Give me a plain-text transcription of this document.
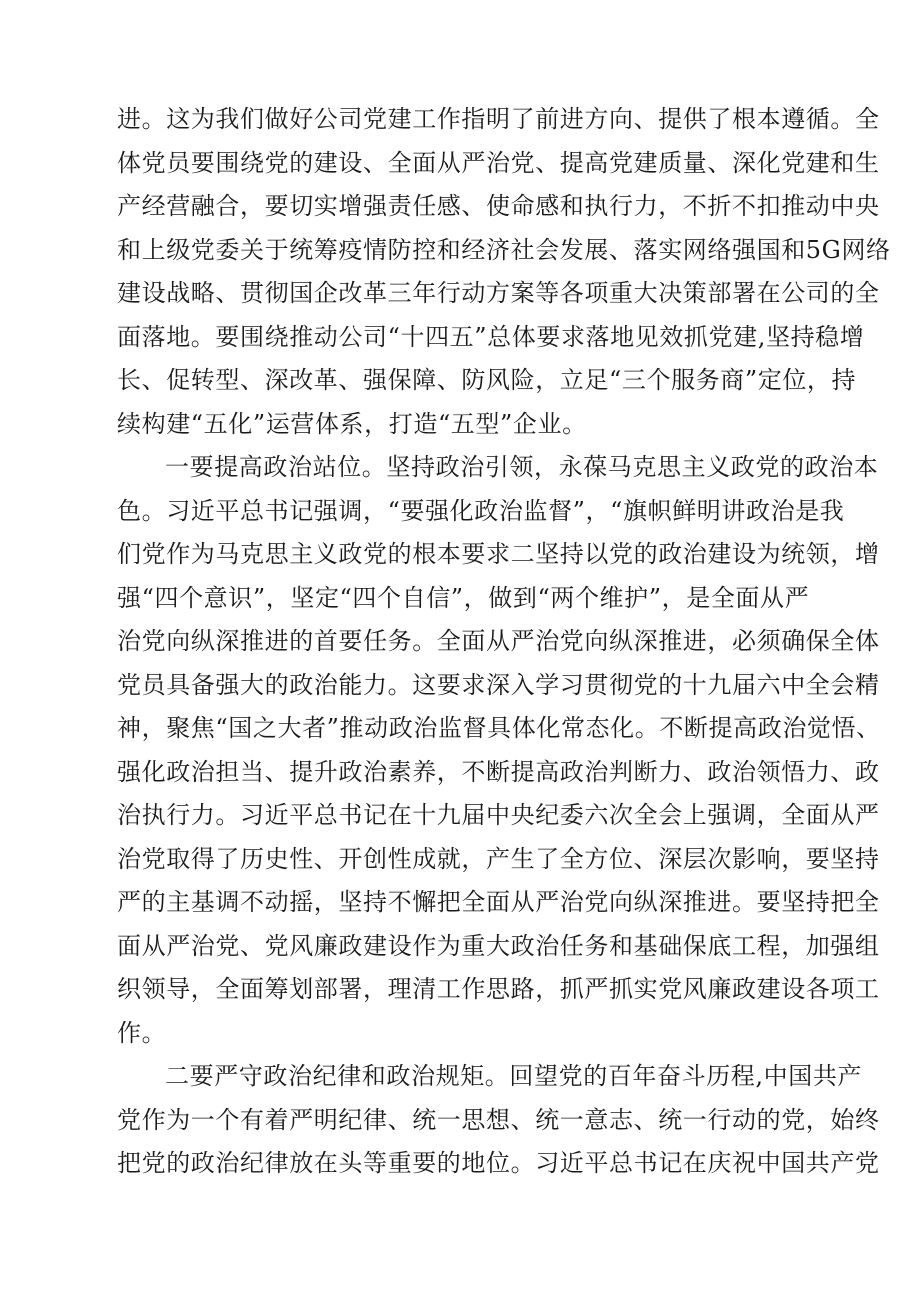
进。这为我们做好公司党建工作指明了前进方向、提供了根本遵循。全
体党员要围绕党的建设、全面从严治党、提高党建质量、深化党建和生
产经营融合，要切实增强责任感、使命感和执行力，不折不扣推动中央
和上级党委关于统筹疫情防控和经济社会发展、落实网络强国和5G网络
建设战略、贯彻国企改革三年行动方案等各项重大决策部署在公司的全
面落地。要围绕推动公司“十四五”总体要求落地见效抓党建,坚持稳增
长、促转型、深改革、强保障、防风险，立足“三个服务商”定位，持
续构建“五化”运营体系，打造“五型”企业。
一要提高政治站位。坚持政治引领，永葆马克思主义政党的政治本
色。习近平总书记强调，“要强化政治监督”，“旗帜鲜明讲政治是我
们党作为马克思主义政党的根本要求二坚持以党的政治建设为统领，增
强“四个意识”，坚定“四个自信”，做到“两个维护”，是全面从严
治党向纵深推进的首要任务。全面从严治党向纵深推进，必须确保全体
党员具备强大的政治能力。这要求深入学习贯彻党的十九届六中全会精
神，聚焦“国之大者”推动政治监督具体化常态化。不断提高政治觉悟、
强化政治担当、提升政治素养，不断提高政治判断力、政治领悟力、政
治执行力。习近平总书记在十九届中央纪委六次全会上强调，全面从严
治党取得了历史性、开创性成就，产生了全方位、深层次影响，要坚持
严的主基调不动摇，坚持不懈把全面从严治党向纵深推进。要坚持把全
面从严治党、党风廉政建设作为重大政治任务和基础保底工程，加强组
织领导，全面筹划部署，理清工作思路，抓严抓实党风廉政建设各项工
作。
二要严守政治纪律和政治规矩。回望党的百年奋斗历程,中国共产
党作为一个有着严明纪律、统一思想、统一意志、统一行动的党，始终
把党的政治纪律放在头等重要的地位。习近平总书记在庆祝中国共产党
